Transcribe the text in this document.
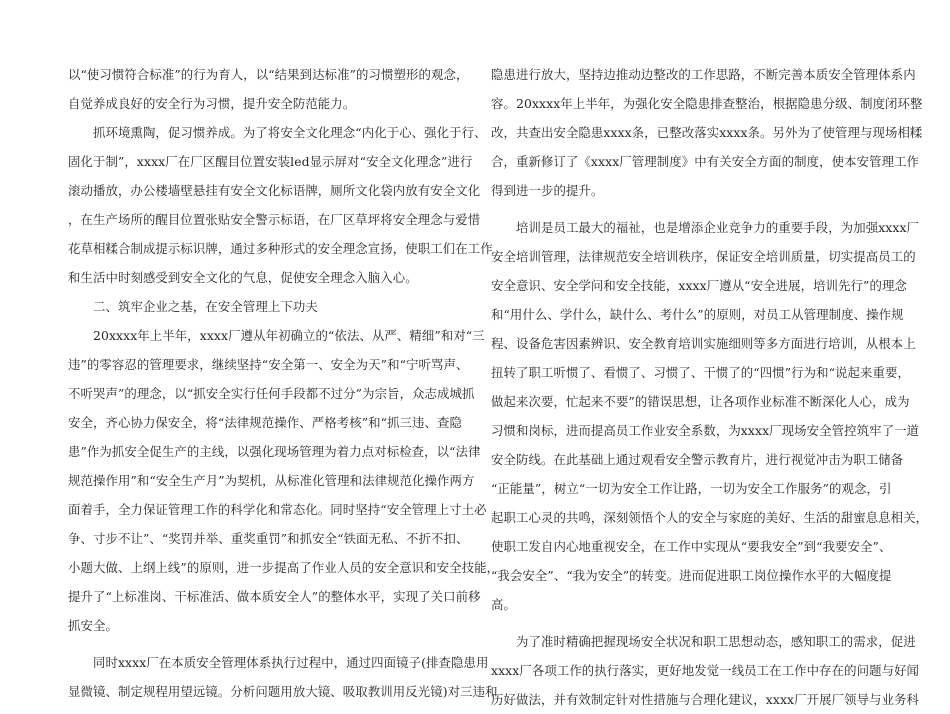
以“使习惯符合标准”的行为育人，以“结果到达标准”的习惯塑形的观念，
自觉养成良好的安全行为习惯，提升安全防范能力。
　　抓环境熏陶，促习惯养成。为了将安全文化理念“内化于心、强化于行、
固化于制”，xxxx厂在厂区醒目位置安装led显示屏对“安全文化理念”进行
滚动播放，办公楼墙壁悬挂有安全文化标语牌，厕所文化袋内放有安全文化
，在生产场所的醒目位置张贴安全警示标语，在厂区草坪将安全理念与爱惜
花草相糅合制成提示标识牌，通过多种形式的安全理念宣扬，使职工们在工作
和生活中时刻感受到安全文化的气息，促使安全理念入脑入心。
　　二、筑牢企业之基，在安全管理上下功夫
　　20xxxx年上半年，xxxx厂遵从年初确立的“依法、从严、精细”和对“三
违”的零容忍的管理要求，继续坚持“安全第一、安全为天”和“宁听骂声、
不听哭声”的理念，以“抓安全实行任何手段都不过分”为宗旨，众志成城抓
安全，齐心协力保安全，将“法律规范操作、严格考核”和“抓三违、查隐
患”作为抓安全促生产的主线，以强化现场管理为着力点对标检查，以“法律
规范操作用”和“安全生产月”为契机，从标准化管理和法律规范化操作两方
面着手，全力保证管理工作的科学化和常态化。同时坚持“安全管理上寸土必
争、寸步不让”、“奖罚并举、重奖重罚”和抓安全“铁面无私、不折不扣、
小题大做、上纲上线”的原则，进一步提高了作业人员的安全意识和安全技能，
提升了“上标准岗、干标准活、做本质安全人”的整体水平，实现了关口前移
抓安全。
　　同时xxxx厂在本质安全管理体系执行过程中，通过四面镜子(排查隐患用
显微镜、制定规程用望远镜。分析问题用放大镜、吸取教训用反光镜)对三违和
隐患进行放大，坚持边推动边整改的工作思路，不断完善本质安全管理体系内
容。20xxxx年上半年，为强化安全隐患排查整治，根据隐患分级、制度闭环整
改，共查出安全隐患xxxx条，已整改落实xxxx条。另外为了使管理与现场相糅
合，重新修订了《xxxx厂管理制度》中有关安全方面的制度，使本安管理工作
得到进一步的提升。
　　培训是员工最大的福祉，也是增添企业竞争力的重要手段，为加强xxxx厂
安全培训管理，法律规范安全培训秩序，保证安全培训质量，切实提高员工的
安全意识、安全学问和安全技能，xxxx厂遵从“安全进展，培训先行”的理念
和“用什么、学什么，缺什么、考什么”的原则，对员工从管理制度、操作规
程、设备危害因素辨识、安全教育培训实施细则等多方面进行培训，从根本上
扭转了职工听惯了、看惯了、习惯了、干惯了的“四惯”行为和“说起来重要，
做起来次要，忙起来不要”的错误思想，让各项作业标准不断深化人心，成为
习惯和岗标，进而提高员工作业安全系数，为xxxx厂现场安全管控筑牢了一道
安全防线。在此基础上通过观看安全警示教育片，进行视觉冲击为职工储备
“正能量”，树立“一切为安全工作让路，一切为安全工作服务”的观念，引
起职工心灵的共鸣，深刻领悟个人的安全与家庭的美好、生活的甜蜜息息相关，
使职工发自内心地重视安全，在工作中实现从“要我安全”到“我要安全”、
“我会安全”、“我为安全”的转变。进而促进职工岗位操作水平的大幅度提
高。
　　为了准时精确把握现场安全状况和职工思想动态，感知职工的需求，促进
xxxx厂各项工作的执行落实，更好地发觉一线员工在工作中存在的问题与好闻
历好做法，并有效制定针对性措施与合理化建议，xxxx厂开展厂领导与业务科
